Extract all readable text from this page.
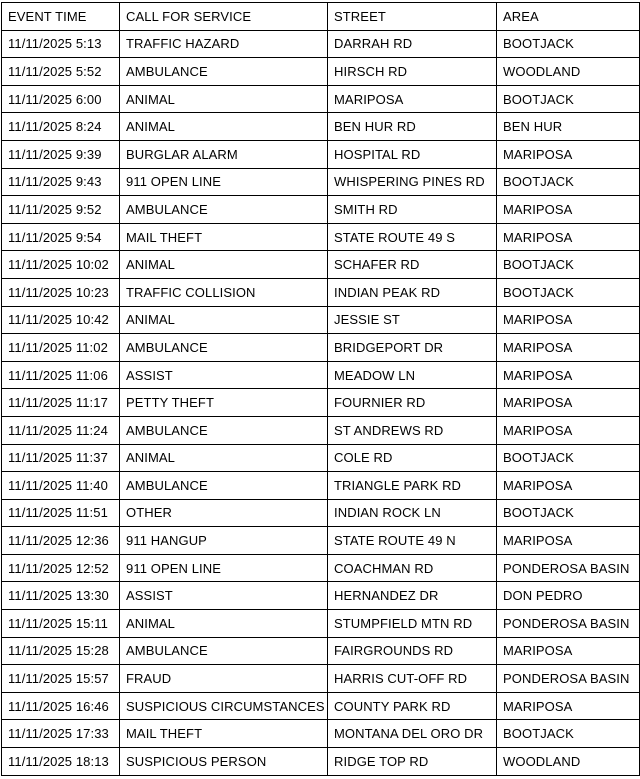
EVENT TIME	CALL FOR SERVICE	STREET	AREA
11/11/2025 5:13	TRAFFIC HAZARD	DARRAH RD	BOOTJACK
11/11/2025 5:52	AMBULANCE	HIRSCH RD	WOODLAND
11/11/2025 6:00	ANIMAL	MARIPOSA	BOOTJACK
11/11/2025 8:24	ANIMAL	BEN HUR RD	BEN HUR
11/11/2025 9:39	BURGLAR ALARM	HOSPITAL RD	MARIPOSA
11/11/2025 9:43	911 OPEN LINE	WHISPERING PINES RD	BOOTJACK
11/11/2025 9:52	AMBULANCE	SMITH RD	MARIPOSA
11/11/2025 9:54	MAIL THEFT	STATE ROUTE 49 S	MARIPOSA
11/11/2025 10:02	ANIMAL	SCHAFER RD	BOOTJACK
11/11/2025 10:23	TRAFFIC COLLISION	INDIAN PEAK RD	BOOTJACK
11/11/2025 10:42	ANIMAL	JESSIE ST	MARIPOSA
11/11/2025 11:02	AMBULANCE	BRIDGEPORT DR	MARIPOSA
11/11/2025 11:06	ASSIST	MEADOW LN	MARIPOSA
11/11/2025 11:17	PETTY THEFT	FOURNIER RD	MARIPOSA
11/11/2025 11:24	AMBULANCE	ST ANDREWS RD	MARIPOSA
11/11/2025 11:37	ANIMAL	COLE RD	BOOTJACK
11/11/2025 11:40	AMBULANCE	TRIANGLE PARK RD	MARIPOSA
11/11/2025 11:51	OTHER	INDIAN ROCK LN	BOOTJACK
11/11/2025 12:36	911 HANGUP	STATE ROUTE 49 N	MARIPOSA
11/11/2025 12:52	911 OPEN LINE	COACHMAN RD	PONDEROSA BASIN
11/11/2025 13:30	ASSIST	HERNANDEZ DR	DON PEDRO
11/11/2025 15:11	ANIMAL	STUMPFIELD MTN RD	PONDEROSA BASIN
11/11/2025 15:28	AMBULANCE	FAIRGROUNDS RD	MARIPOSA
11/11/2025 15:57	FRAUD	HARRIS CUT-OFF RD	PONDEROSA BASIN
11/11/2025 16:46	SUSPICIOUS CIRCUMSTANCES	COUNTY PARK RD	MARIPOSA
11/11/2025 17:33	MAIL THEFT	MONTANA DEL ORO DR	BOOTJACK
11/11/2025 18:13	SUSPICIOUS PERSON	RIDGE TOP RD	WOODLAND
